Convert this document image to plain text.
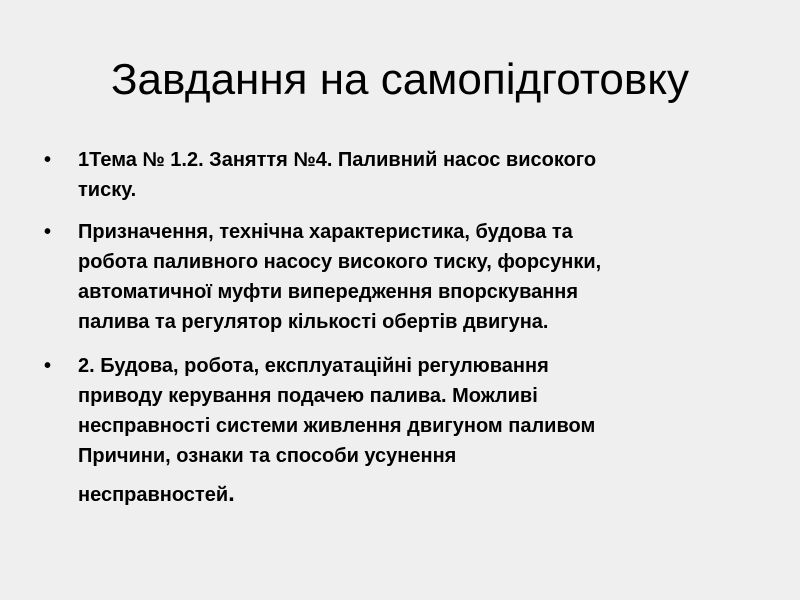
Завдання на самопідготовку
•	1Тема № 1.2. Заняття №4. Паливний насос високого
тиску.
•	Призначення, технічна характеристика, будова та
робота паливного насосу високого тиску, форсунки,
автоматичної муфти випередження впорскування
палива та регулятор кількості обертів двигуна.
•	2. Будова, робота, експлуатаційні регулювання
приводу керування подачею палива. Можливі
несправності системи живлення двигуном паливом
Причини, ознаки та способи усунення
несправностей.
